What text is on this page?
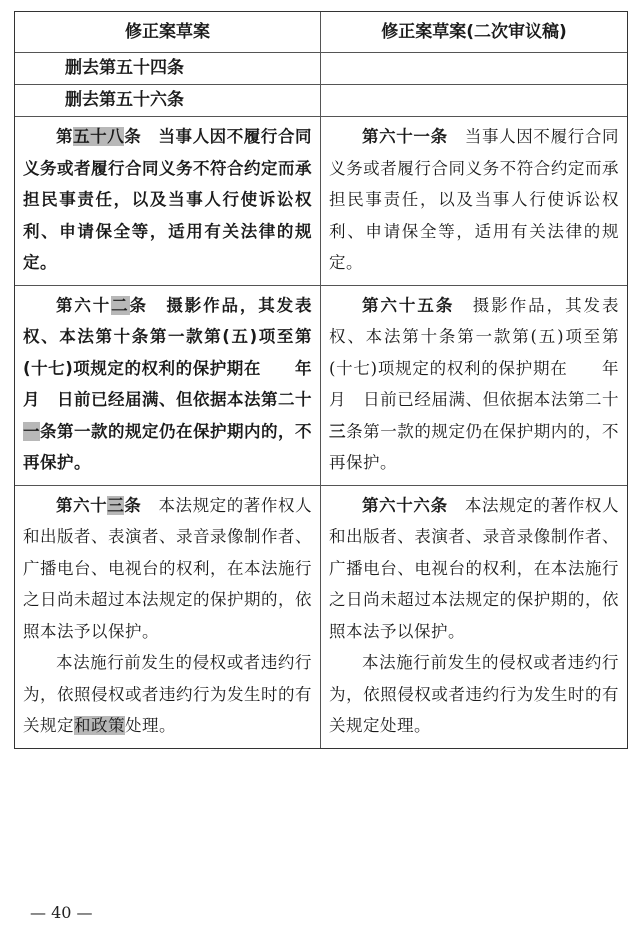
修正案草案	修正案草案(二次审议稿)
删去第五十四条
删去第五十六条

第五十八条　当事人因不履行合同义务或者履行合同义务不符合约定而承担民事责任，以及当事人行使诉讼权利、申请保全等，适用有关法律的规定。

第六十一条　当事人因不履行合同义务或者履行合同义务不符合约定而承担民事责任，以及当事人行使诉讼权利、申请保全等，适用有关法律的规定。

第六十二条　摄影作品，其发表权、本法第十条第一款第(五)项至第(十七)项规定的权利的保护期在　　年　月　日前已经届满、但依据本法第二十一条第一款的规定仍在保护期内的，不再保护。

第六十五条　摄影作品，其发表权、本法第十条第一款第(五)项至第(十七)项规定的权利的保护期在　　年　月　日前已经届满、但依据本法第二十三条第一款的规定仍在保护期内的，不再保护。

第六十三条　本法规定的著作权人和出版者、表演者、录音录像制作者、广播电台、电视台的权利，在本法施行之日尚未超过本法规定的保护期的，依照本法予以保护。

本法施行前发生的侵权或者违约行为，依照侵权或者违约行为发生时的有关规定和政策处理。

第六十六条　本法规定的著作权人和出版者、表演者、录音录像制作者、广播电台、电视台的权利，在本法施行之日尚未超过本法规定的保护期的，依照本法予以保护。

本法施行前发生的侵权或者违约行为，依照侵权或者违约行为发生时的有关规定处理。

— 40 —
